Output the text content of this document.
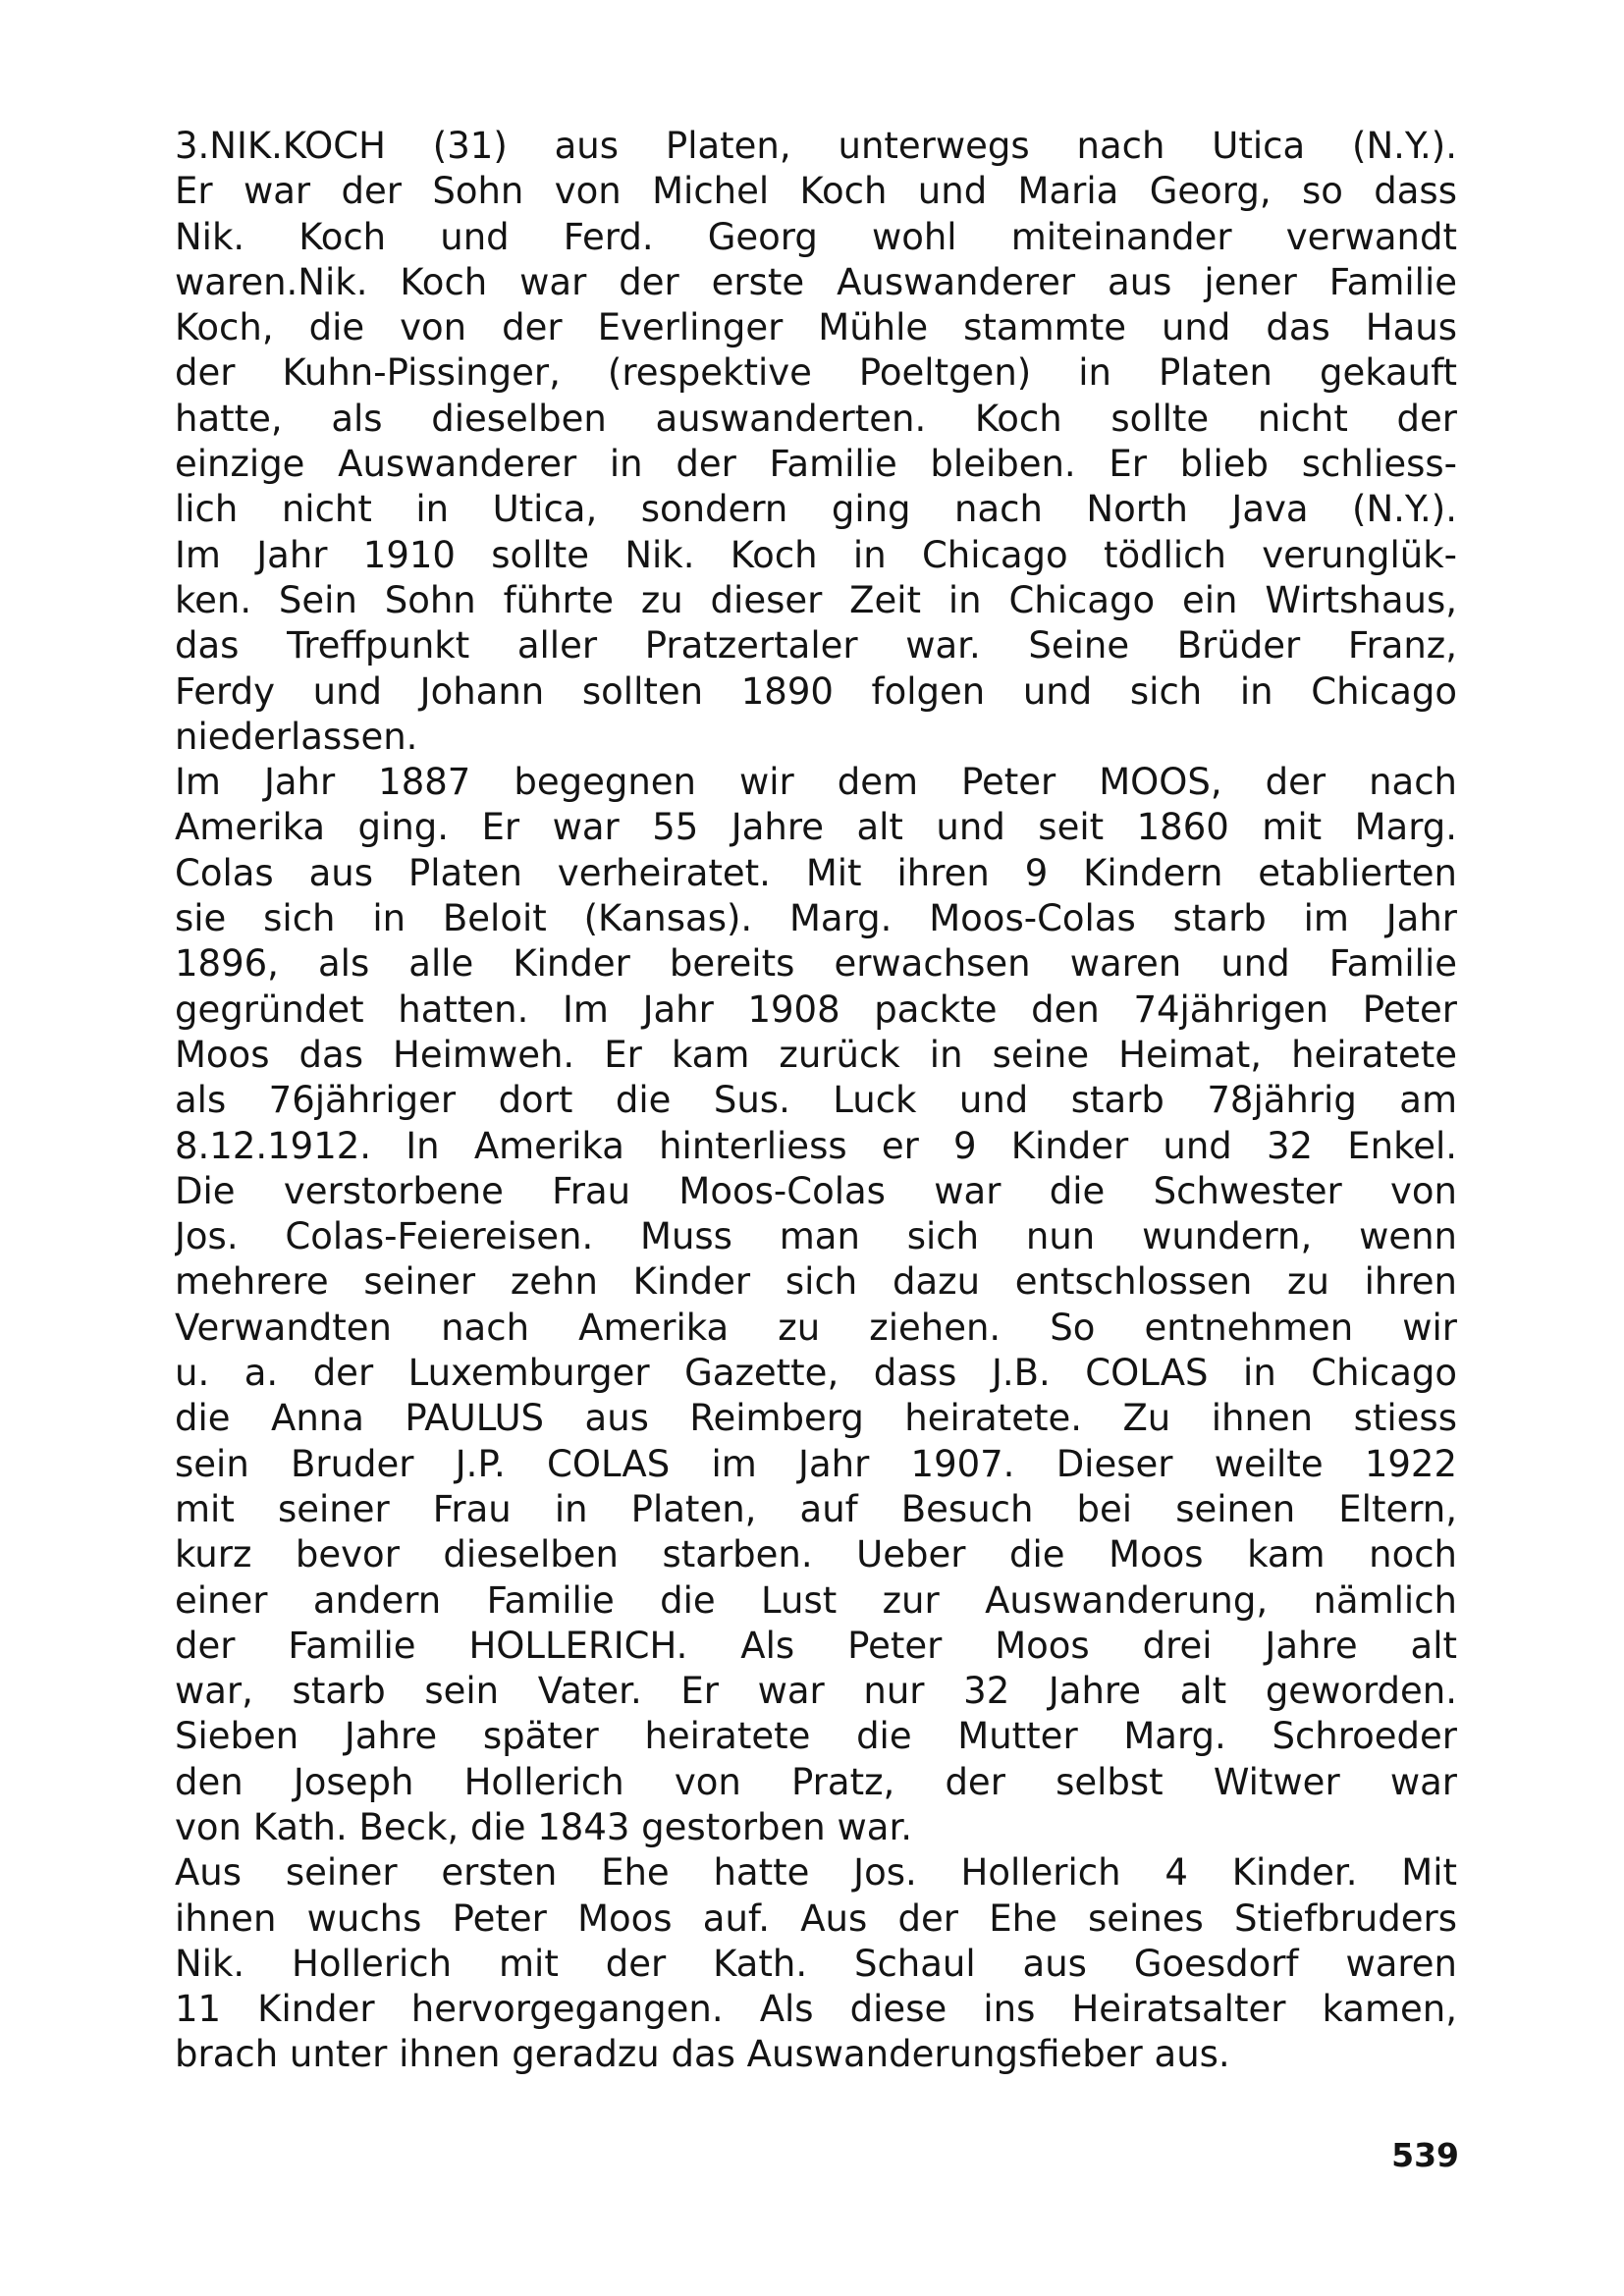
3.NIK.KOCH (31) aus Platen, unterwegs nach Utica (N.Y.).
Er war der Sohn von Michel Koch und Maria Georg, so dass
Nik. Koch und Ferd. Georg wohl miteinander verwandt
waren.Nik. Koch war der erste Auswanderer aus jener Familie
Koch, die von der Everlinger Mühle stammte und das Haus
der Kuhn-Pissinger, (respektive Poeltgen) in Platen gekauft
hatte, als dieselben auswanderten. Koch sollte nicht der
einzige Auswanderer in der Familie bleiben. Er blieb schliess-
lich nicht in Utica, sondern ging nach North Java (N.Y.).
Im Jahr 1910 sollte Nik. Koch in Chicago tödlich verunglük-
ken. Sein Sohn führte zu dieser Zeit in Chicago ein Wirtshaus,
das Treffpunkt aller Pratzertaler war. Seine Brüder Franz,
Ferdy und Johann sollten 1890 folgen und sich in Chicago
niederlassen.
Im Jahr 1887 begegnen wir dem Peter MOOS, der nach
Amerika ging. Er war 55 Jahre alt und seit 1860 mit Marg.
Colas aus Platen verheiratet. Mit ihren 9 Kindern etablierten
sie sich in Beloit (Kansas). Marg. Moos-Colas starb im Jahr
1896, als alle Kinder bereits erwachsen waren und Familie
gegründet hatten. Im Jahr 1908 packte den 74jährigen Peter
Moos das Heimweh. Er kam zurück in seine Heimat, heiratete
als 76jähriger dort die Sus. Luck und starb 78jährig am
8.12.1912. In Amerika hinterliess er 9 Kinder und 32 Enkel.
Die verstorbene Frau Moos-Colas war die Schwester von
Jos. Colas-Feiereisen. Muss man sich nun wundern, wenn
mehrere seiner zehn Kinder sich dazu entschlossen zu ihren
Verwandten nach Amerika zu ziehen. So entnehmen wir
u. a. der Luxemburger Gazette, dass J.B. COLAS in Chicago
die Anna PAULUS aus Reimberg heiratete. Zu ihnen stiess
sein Bruder J.P. COLAS im Jahr 1907. Dieser weilte 1922
mit seiner Frau in Platen, auf Besuch bei seinen Eltern,
kurz bevor dieselben starben. Ueber die Moos kam noch
einer andern Familie die Lust zur Auswanderung, nämlich
der Familie HOLLERICH. Als Peter Moos drei Jahre alt
war, starb sein Vater. Er war nur 32 Jahre alt geworden.
Sieben Jahre später heiratete die Mutter Marg. Schroeder
den Joseph Hollerich von Pratz, der selbst Witwer war
von Kath. Beck, die 1843 gestorben war.
Aus seiner ersten Ehe hatte Jos. Hollerich 4 Kinder. Mit
ihnen wuchs Peter Moos auf. Aus der Ehe seines Stiefbruders
Nik. Hollerich mit der Kath. Schaul aus Goesdorf waren
11 Kinder hervorgegangen. Als diese ins Heiratsalter kamen,
brach unter ihnen geradzu das Auswanderungsfieber aus.
539
